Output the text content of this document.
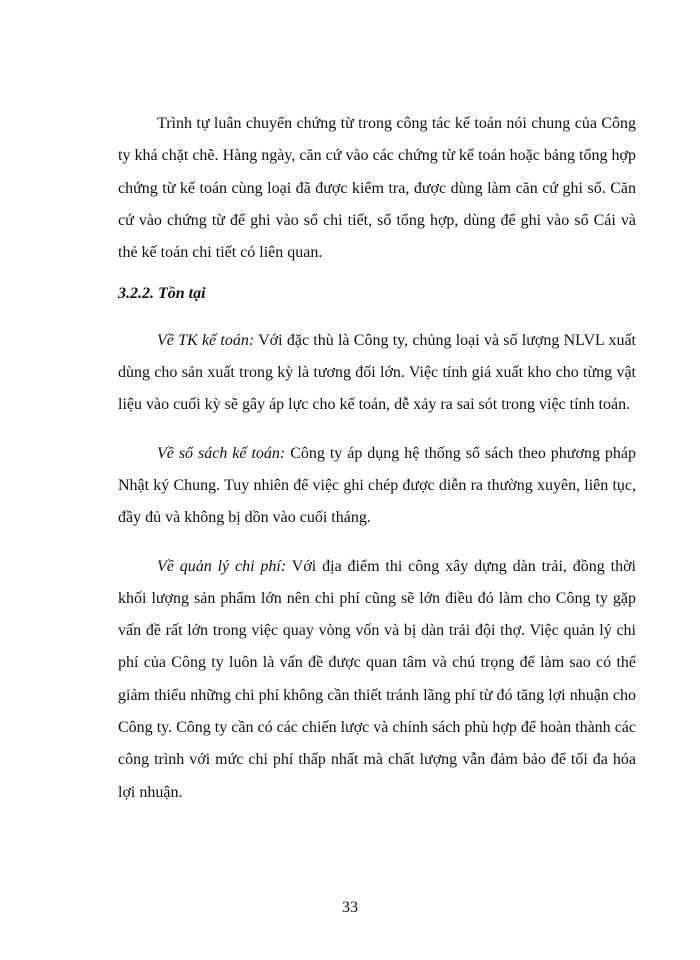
Trình tự luân chuyển chứng từ trong công tác kế toán nói chung của Công ty khá chặt chẽ. Hàng ngày, căn cứ vào các chứng từ kế toán hoặc bảng tổng hợp chứng từ kế toán cùng loại đã được kiểm tra, được dùng làm căn cứ ghi sổ. Căn cứ vào chứng từ để ghi vào sổ chi tiết, sổ tổng hợp, dùng để ghi vào sổ Cái và thẻ kế toán chi tiết có liên quan.

3.2.2. Tồn tại

Về TK kế toán: Với đặc thù là Công ty, chủng loại và số lượng NLVL xuất dùng cho sản xuất trong kỳ là tương đối lớn. Việc tính giá xuất kho cho từng vật liệu vào cuối kỳ sẽ gây áp lực cho kế toán, dễ xảy ra sai sót trong việc tính toán.

Về sổ sách kế toán: Công ty áp dụng hệ thống sổ sách theo phương pháp Nhật ký Chung. Tuy nhiên để việc ghi chép được diễn ra thường xuyên, liên tục, đầy đủ và không bị dồn vào cuối tháng.

Về quản lý chi phí: Với địa điểm thi công xây dựng dàn trải, đồng thời khối lượng sản phẩm lớn nên chi phí cũng sẽ lớn điều đó làm cho Công ty gặp vấn đề rất lớn trong việc quay vòng vốn và bị dàn trải đội thợ. Việc quản lý chi phí của Công ty luôn là vấn đề được quan tâm và chú trọng để làm sao có thể giảm thiểu những chi phí không cần thiết tránh lãng phí từ đó tăng lợi nhuận cho Công ty. Công ty cần có các chiến lược và chính sách phù hợp để hoàn thành các công trình với mức chi phí thấp nhất mà chất lượng vẫn đảm bảo để tối đa hóa lợi nhuận.

33
